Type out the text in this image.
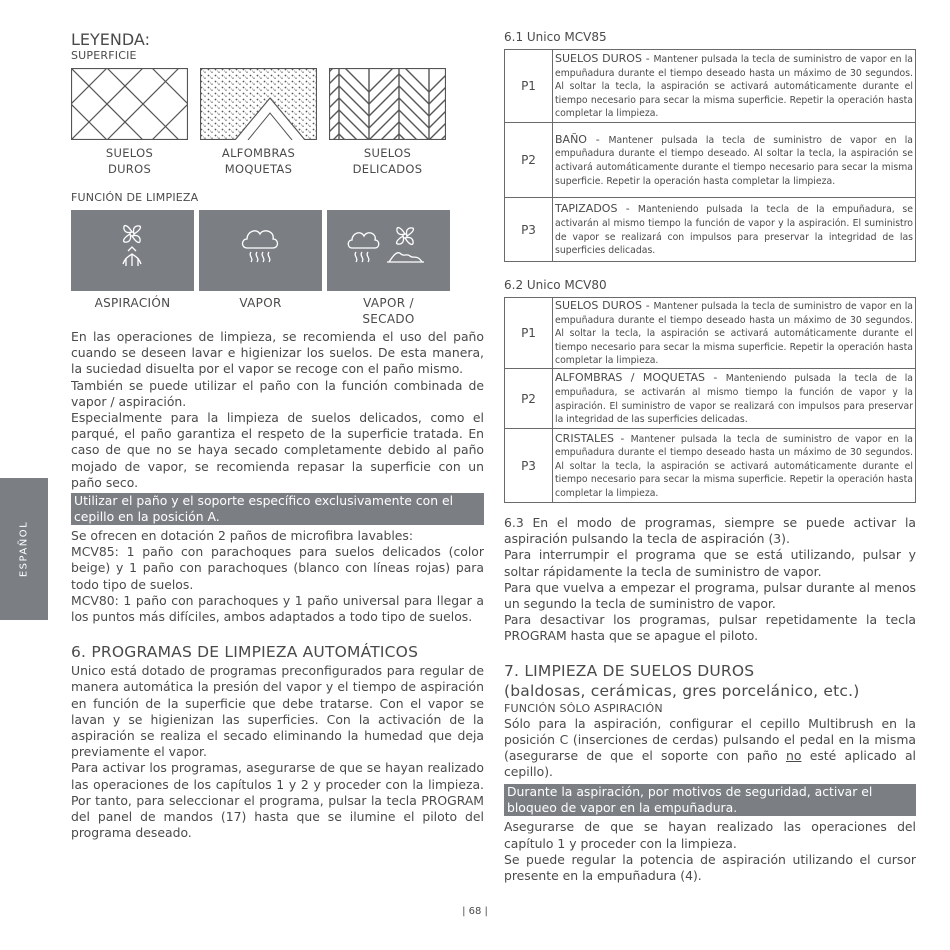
ESPAÑOL
LEYENDA:
SUPERFICIE
SUELOS
DUROS
ALFOMBRAS
MOQUETAS
SUELOS
DELICADOS
FUNCIÓN DE LIMPIEZA
ASPIRACIÓN	VAPOR	VAPOR /
SECADO

En las operaciones de limpieza, se recomienda el uso del paño cuando se deseen lavar e higienizar los suelos. De esta manera, la suciedad disuelta por el vapor se recoge con el paño mismo.

También se puede utilizar el paño con la función combinada de vapor / aspiración.

Especialmente para la limpieza de suelos delicados, como el parqué, el paño garantiza el respeto de la superficie tratada. En caso de que no se haya secado completamente debido al paño mojado de vapor, se recomienda repasar la superficie con un paño seco.

Utilizar el paño y el soporte específico exclusivamente con el cepillo en la posición A.

Se ofrecen en dotación 2 paños de microfibra lavables:

MCV85: 1 paño con parachoques para suelos delicados (color beige) y 1 paño con parachoques (blanco con líneas rojas) para todo tipo de suelos.

MCV80: 1 paño con parachoques y 1 paño universal para llegar a los puntos más difíciles, ambos adaptados a todo tipo de suelos.

6. PROGRAMAS DE LIMPIEZA AUTOMÁTICOS

Unico está dotado de programas preconfigurados para regular de manera automática la presión del vapor y el tiempo de aspiración en función de la superficie que debe tratarse. Con el vapor se lavan y se higienizan las superficies. Con la activación de la aspiración se realiza el secado eliminando la humedad que deja previamente el vapor.

Para activar los programas, asegurarse de que se hayan realizado las operaciones de los capítulos 1 y 2 y proceder con la limpieza. Por tanto, para seleccionar el programa, pulsar la tecla PROGRAM del panel de mandos (17) hasta que se ilumine el piloto del programa deseado.

6.1 Unico MCV85
P1	SUELOS DUROS - Mantener pulsada la tecla de suministro de vapor en la empuñadura durante el tiempo deseado hasta un máximo de 30 segundos. Al soltar la tecla, la aspiración se activará automáticamente durante el tiempo necesario para secar la misma superficie. Repetir la operación hasta completar la limpieza.
P2	BAÑO - Mantener pulsada la tecla de suministro de vapor en la empuñadura durante el tiempo deseado. Al soltar la tecla, la aspiración se activará automáticamente durante el tiempo necesario para secar la misma superficie. Repetir la operación hasta completar la limpieza.
P3	TAPIZADOS - Manteniendo pulsada la tecla de la empuñadura, se activarán al mismo tiempo la función de vapor y la aspiración. El suministro de vapor se realizará con impulsos para preservar la integridad de las superficies delicadas.
6.2 Unico MCV80
P1	SUELOS DUROS - Mantener pulsada la tecla de suministro de vapor en la empuñadura durante el tiempo deseado hasta un máximo de 30 segundos. Al soltar la tecla, la aspiración se activará automáticamente durante el tiempo necesario para secar la misma superficie. Repetir la operación hasta completar la limpieza.
P2	ALFOMBRAS / MOQUETAS - Manteniendo pulsada la tecla de la empuñadura, se activarán al mismo tiempo la función de vapor y la aspiración. El suministro de vapor se realizará con impulsos para preservar la integridad de las superficies delicadas.
P3	CRISTALES - Mantener pulsada la tecla de suministro de vapor en la empuñadura durante el tiempo deseado hasta un máximo de 30 segundos. Al soltar la tecla, la aspiración se activará automáticamente durante el tiempo necesario para secar la misma superficie. Repetir la operación hasta completar la limpieza.

6.3 En el modo de programas, siempre se puede activar la aspiración pulsando la tecla de aspiración (3).

Para interrumpir el programa que se está utilizando, pulsar y soltar rápidamente la tecla de suministro de vapor.

Para que vuelva a empezar el programa, pulsar durante al menos un segundo la tecla de suministro de vapor.

Para desactivar los programas, pulsar repetidamente la tecla PROGRAM hasta que se apague el piloto.

7. LIMPIEZA DE SUELOS DUROS
(baldosas, cerámicas, gres porcelánico, etc.)
FUNCIÓN SÓLO ASPIRACIÓN

Sólo para la aspiración, configurar el cepillo Multibrush en la posición C (inserciones de cerdas) pulsando el pedal en la misma (asegurarse de que el soporte con paño no esté aplicado al cepillo).

Durante la aspiración, por motivos de seguridad, activar el bloqueo de vapor en la empuñadura.

Asegurarse de que se hayan realizado las operaciones del capítulo 1 y proceder con la limpieza.

Se puede regular la potencia de aspiración utilizando el cursor presente en la empuñadura (4).

| 68 |
